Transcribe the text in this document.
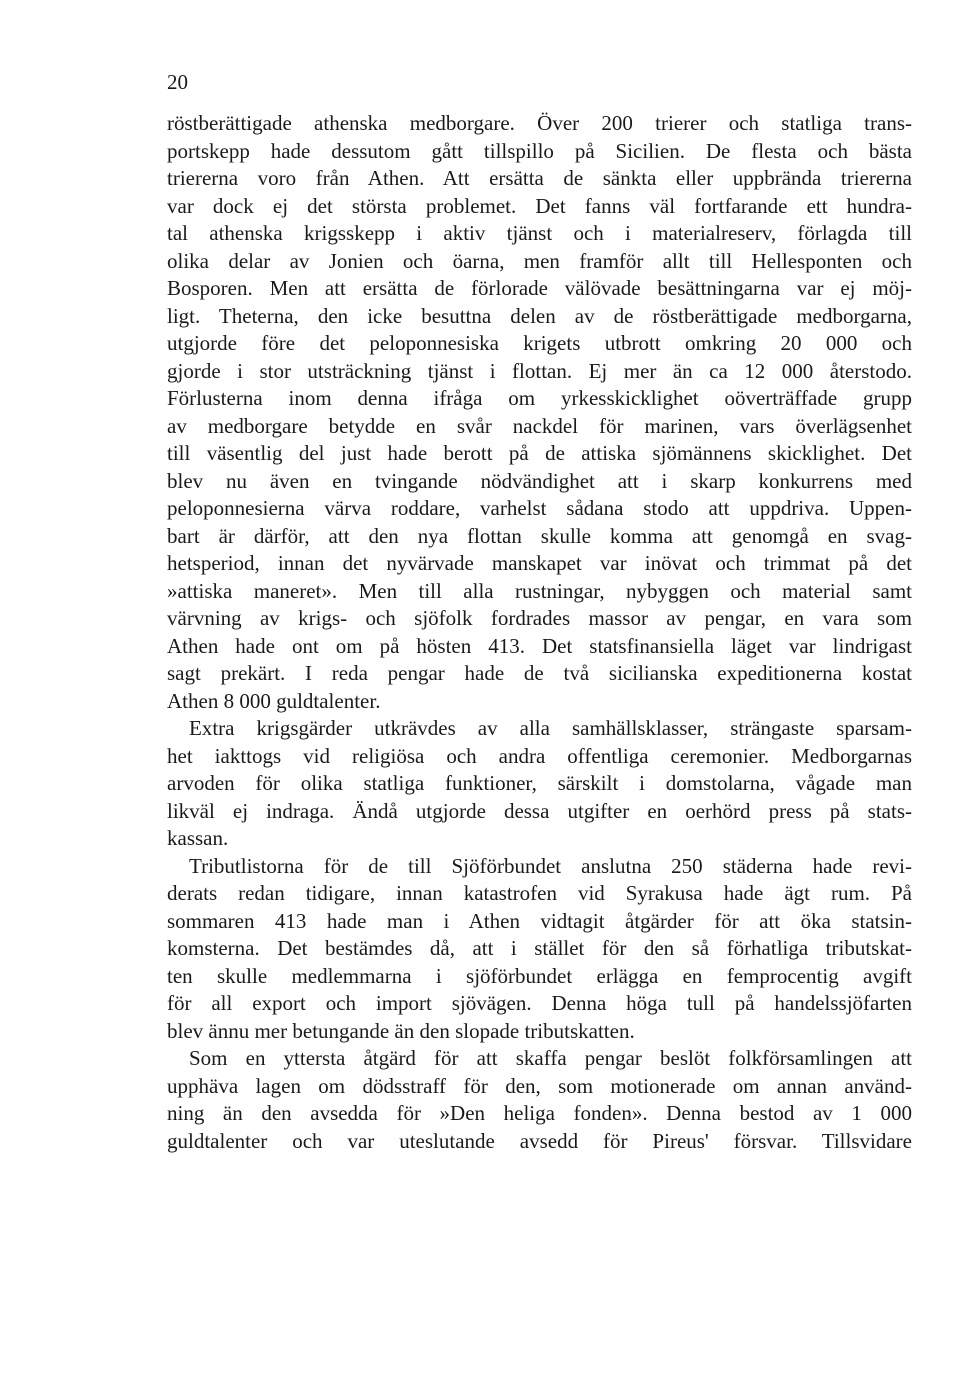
20
röstberättigade athenska medborgare. Över 200 trierer och statliga trans-
portskepp hade dessutom gått tillspillo på Sicilien. De flesta och bästa
triererna voro från Athen. Att ersätta de sänkta eller uppbrända triererna
var dock ej det största problemet. Det fanns väl fortfarande ett hundra-
tal athenska krigsskepp i aktiv tjänst och i materialreserv, förlagda till
olika delar av Jonien och öarna, men framför allt till Hellesponten och
Bosporen. Men att ersätta de förlorade välövade besättningarna var ej möj-
ligt. Theterna, den icke besuttna delen av de röstberättigade medborgarna,
utgjorde före det peloponnesiska krigets utbrott omkring 20 000 och
gjorde i stor utsträckning tjänst i flottan. Ej mer än ca 12 000 återstodo.
Förlusterna inom denna ifråga om yrkesskicklighet oöverträffade grupp
av medborgare betydde en svår nackdel för marinen, vars överlägsenhet
till väsentlig del just hade berott på de attiska sjömännens skicklighet. Det
blev nu även en tvingande nödvändighet att i skarp konkurrens med
peloponnesierna värva roddare, varhelst sådana stodo att uppdriva. Uppen-
bart är därför, att den nya flottan skulle komma att genomgå en svag-
hetsperiod, innan det nyvärvade manskapet var inövat och trimmat på det
»attiska maneret». Men till alla rustningar, nybyggen och material samt
värvning av krigs- och sjöfolk fordrades massor av pengar, en vara som
Athen hade ont om på hösten 413. Det statsfinansiella läget var lindrigast
sagt prekärt. I reda pengar hade de två sicilianska expeditionerna kostat
Athen 8 000 guldtalenter.
Extra krigsgärder utkrävdes av alla samhällsklasser, strängaste sparsam-
het iakttogs vid religiösa och andra offentliga ceremonier. Medborgarnas
arvoden för olika statliga funktioner, särskilt i domstolarna, vågade man
likväl ej indraga. Ändå utgjorde dessa utgifter en oerhörd press på stats-
kassan.
Tributlistorna för de till Sjöförbundet anslutna 250 städerna hade revi-
derats redan tidigare, innan katastrofen vid Syrakusa hade ägt rum. På
sommaren 413 hade man i Athen vidtagit åtgärder för att öka statsin-
komsterna. Det bestämdes då, att i stället för den så förhatliga tributskat-
ten skulle medlemmarna i sjöförbundet erlägga en femprocentig avgift
för all export och import sjövägen. Denna höga tull på handelssjöfarten
blev ännu mer betungande än den slopade tributskatten.
Som en yttersta åtgärd för att skaffa pengar beslöt folkförsamlingen att
upphäva lagen om dödsstraff för den, som motionerade om annan använd-
ning än den avsedda för »Den heliga fonden». Denna bestod av 1 000
guldtalenter och var uteslutande avsedd för Pireus' försvar. Tillsvidare
